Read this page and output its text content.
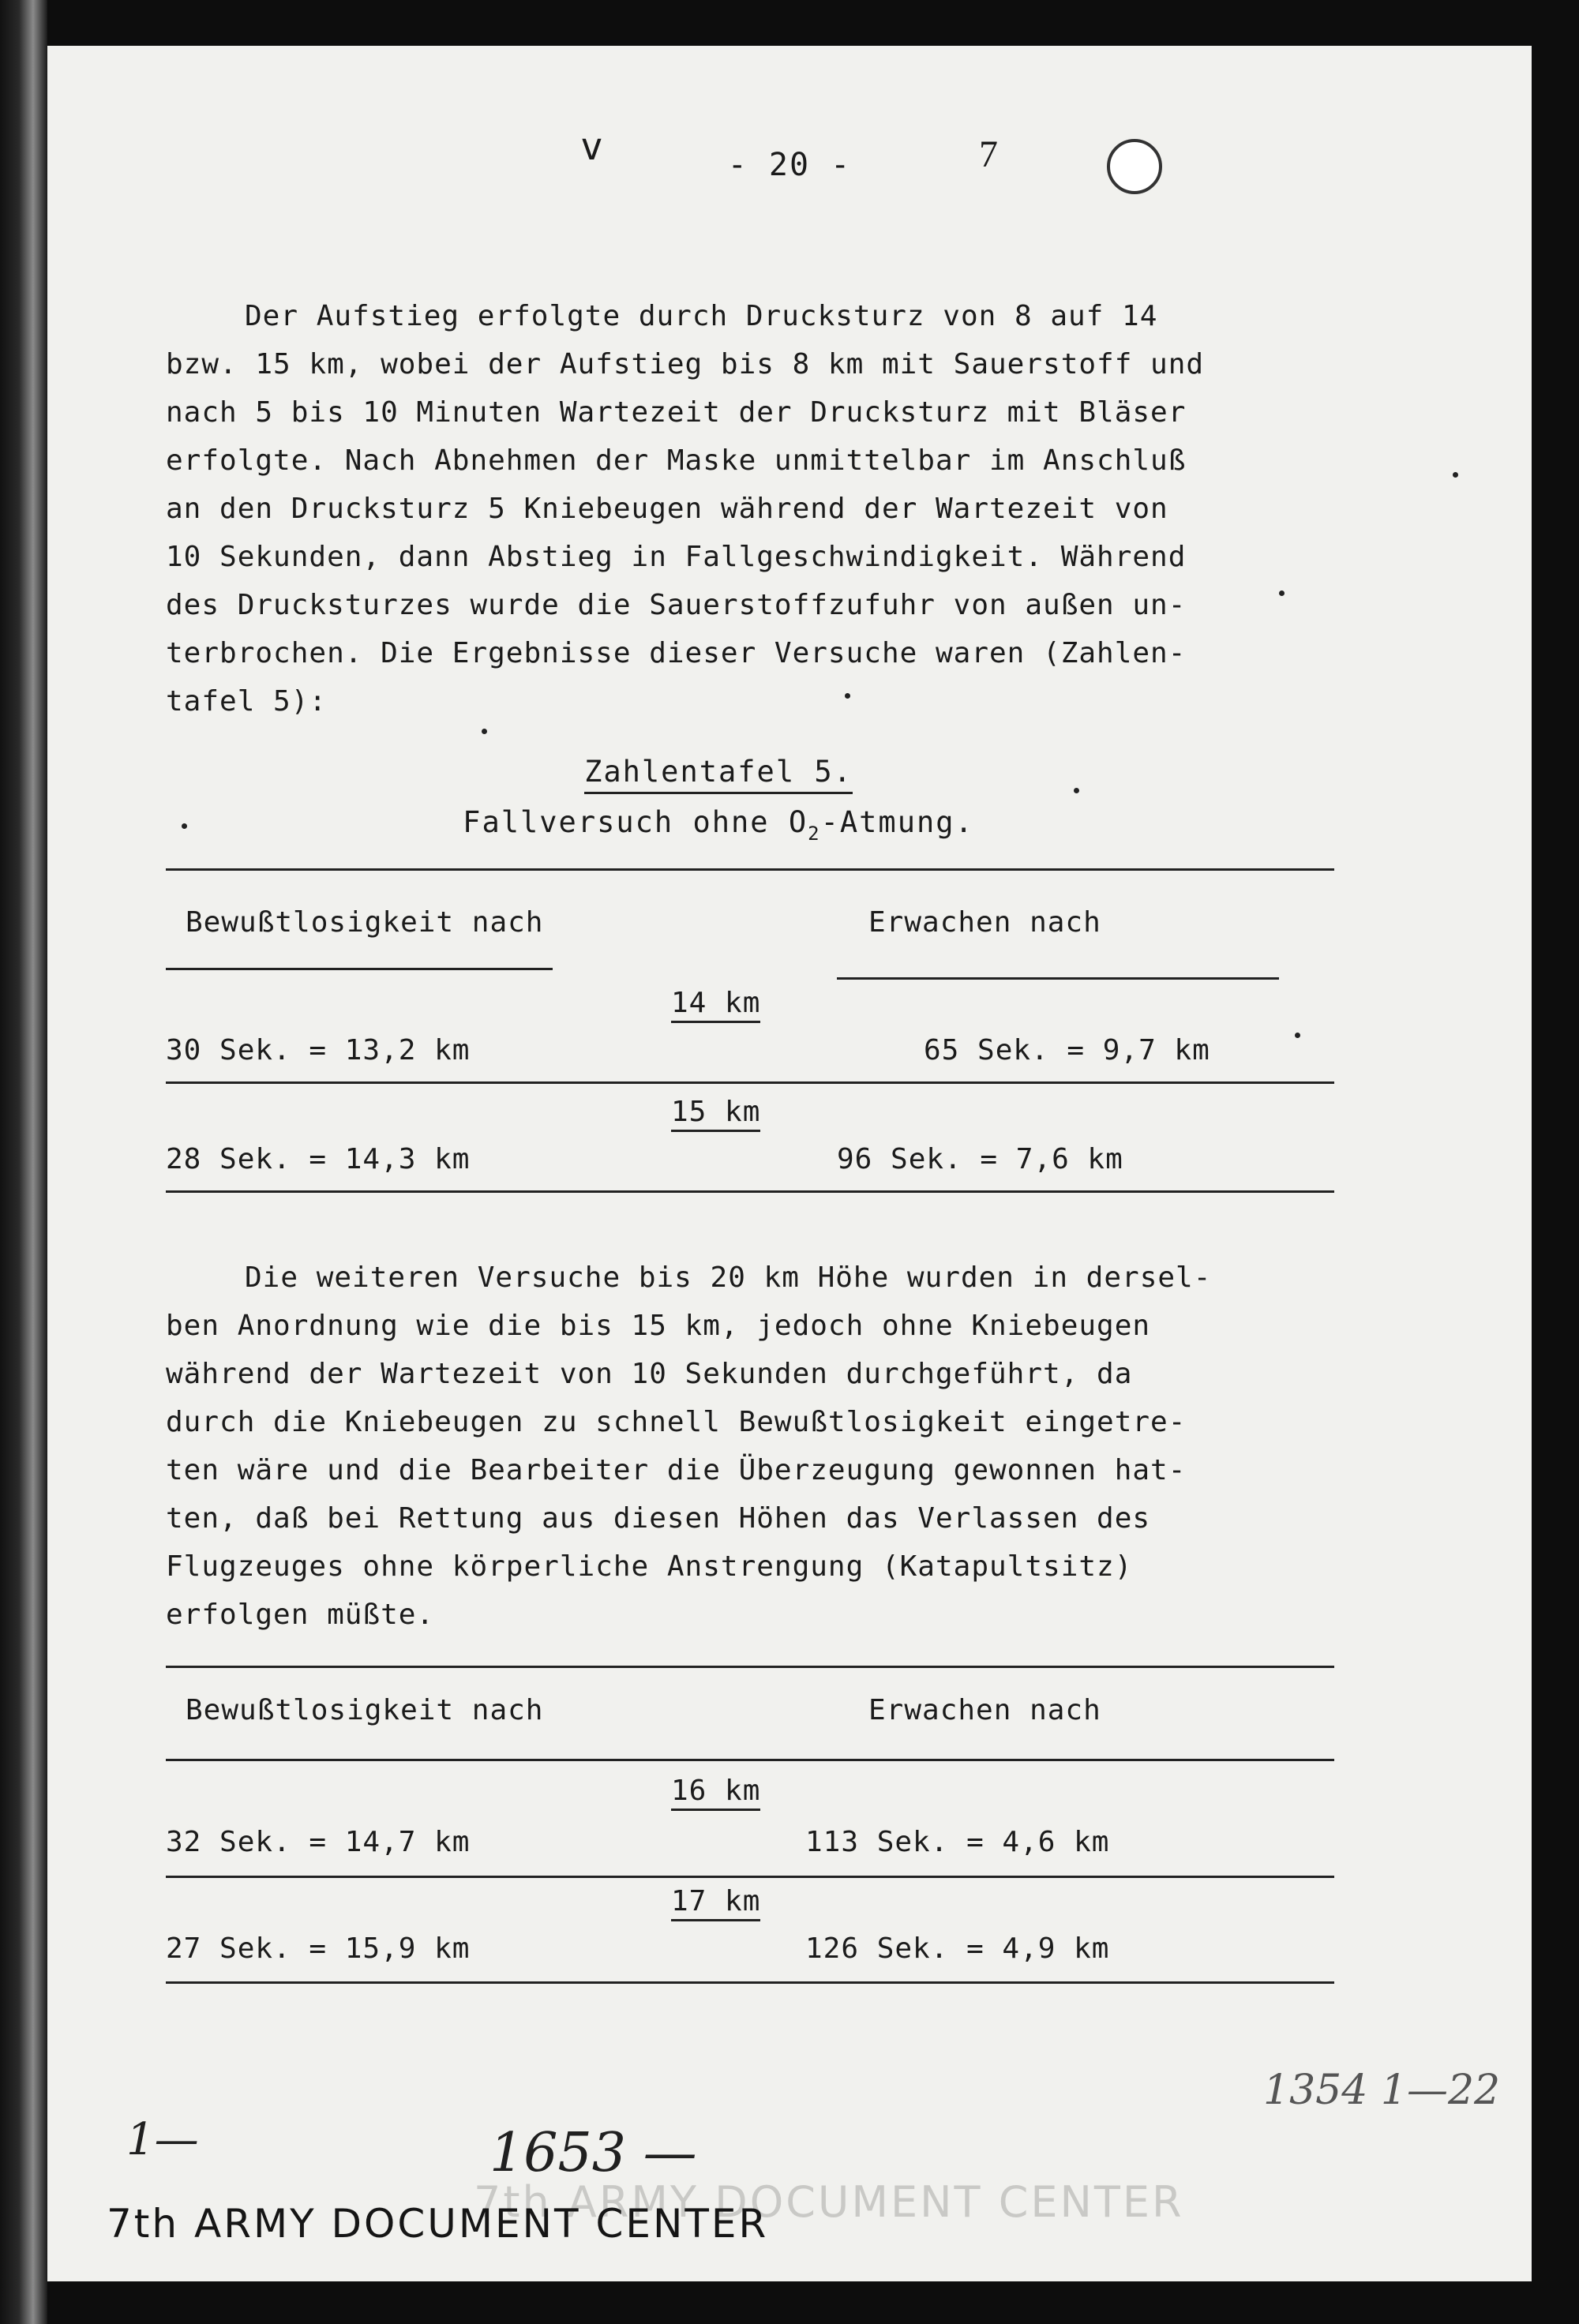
v	- 20 -	7

Der Aufstieg erfolgte durch Drucksturz von 8 auf 14

bzw. 15 km, wobei der Aufstieg bis 8 km mit Sauerstoff und

nach 5 bis 10 Minuten Wartezeit der Drucksturz mit Bläser

erfolgte. Nach Abnehmen der Maske unmittelbar im Anschluß

an den Drucksturz 5 Kniebeugen während der Wartezeit von

10 Sekunden, dann Abstieg in Fallgeschwindigkeit. Während

des Drucksturzes wurde die Sauerstoffzufuhr von außen un-

terbrochen. Die Ergebnisse dieser Versuche waren (Zahlen-

tafel 5):

Zahlentafel 5.
Fallversuch ohne $O_2$-Atmung.
Bewußtlosigkeit nach	Erwachen nach
14 km
30 Sek. = 13,2 km	65 Sek. = 9,7 km
15 km
28 Sek. = 14,3 km	96 Sek. = 7,6 km

Die weiteren Versuche bis 20 km Höhe wurden in dersel-

ben Anordnung wie die bis 15 km, jedoch ohne Kniebeugen

während der Wartezeit von 10 Sekunden durchgeführt, da

durch die Kniebeugen zu schnell Bewußtlosigkeit eingetre-

ten wäre und die Bearbeiter die Überzeugung gewonnen hat-

ten, daß bei Rettung aus diesen Höhen das Verlassen des

Flugzeuges ohne körperliche Anstrengung (Katapultsitz)

erfolgen müßte.

Bewußtlosigkeit nach	Erwachen nach
16 km
32 Sek. = 14,7 km	113 Sek. = 4,6 km
17 km
27 Sek. = 15,9 km	126 Sek. = 4,9 km
7th ARMY DOCUMENT CENTER
1—	1653 —
1354 1—22
7th ARMY DOCUMENT CENTER
